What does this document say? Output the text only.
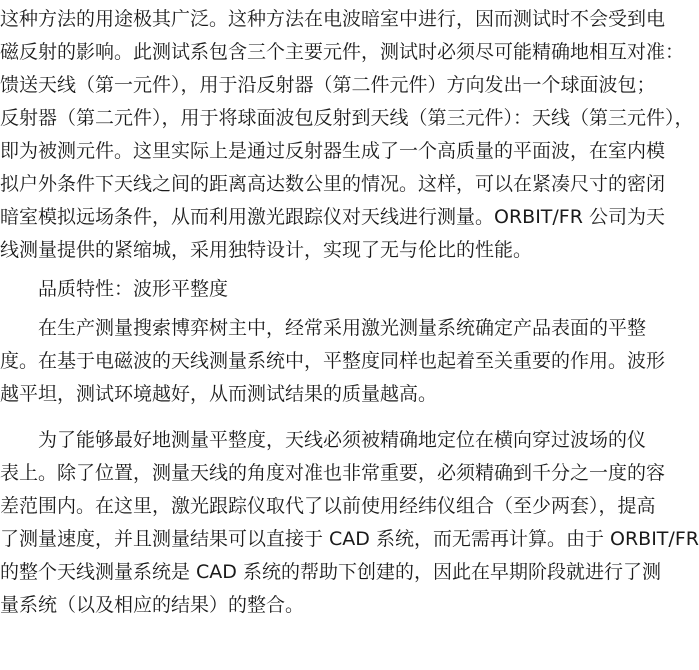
这种方法的用途极其广泛。这种方法在电波暗室中进行，因而测试时不会受到电
磁反射的影响。此测试系包含三个主要元件，测试时必须尽可能精确地相互对准：
馈送天线（第一元件），用于沿反射器（第二件元件）方向发出一个球面波包；
反射器（第二元件），用于将球面波包反射到天线（第三元件）：天线（第三元件），
即为被测元件。这里实际上是通过反射器生成了一个高质量的平面波，在室内模
拟户外条件下天线之间的距离高达数公里的情况。这样，可以在紧凑尺寸的密闭
暗室模拟远场条件，从而利用激光跟踪仪对天线进行测量。ORBIT/FR 公司为天
线测量提供的紧缩城，采用独特设计，实现了无与伦比的性能。
品质特性：波形平整度
在生产测量搜索博弈树主中，经常采用激光测量系统确定产品表面的平整
度。在基于电磁波的天线测量系统中，平整度同样也起着至关重要的作用。波形
越平坦，测试环境越好，从而测试结果的质量越高。
为了能够最好地测量平整度，天线必须被精确地定位在横向穿过波场的仪
表上。除了位置，测量天线的角度对准也非常重要，必须精确到千分之一度的容
差范围内。在这里，激光跟踪仪取代了以前使用经纬仪组合（至少两套），提高
了测量速度，并且测量结果可以直接于 CAD 系统，而无需再计算。由于 ORBIT/FR
的整个天线测量系统是 CAD 系统的帮助下创建的，因此在早期阶段就进行了测
量系统（以及相应的结果）的整合。
